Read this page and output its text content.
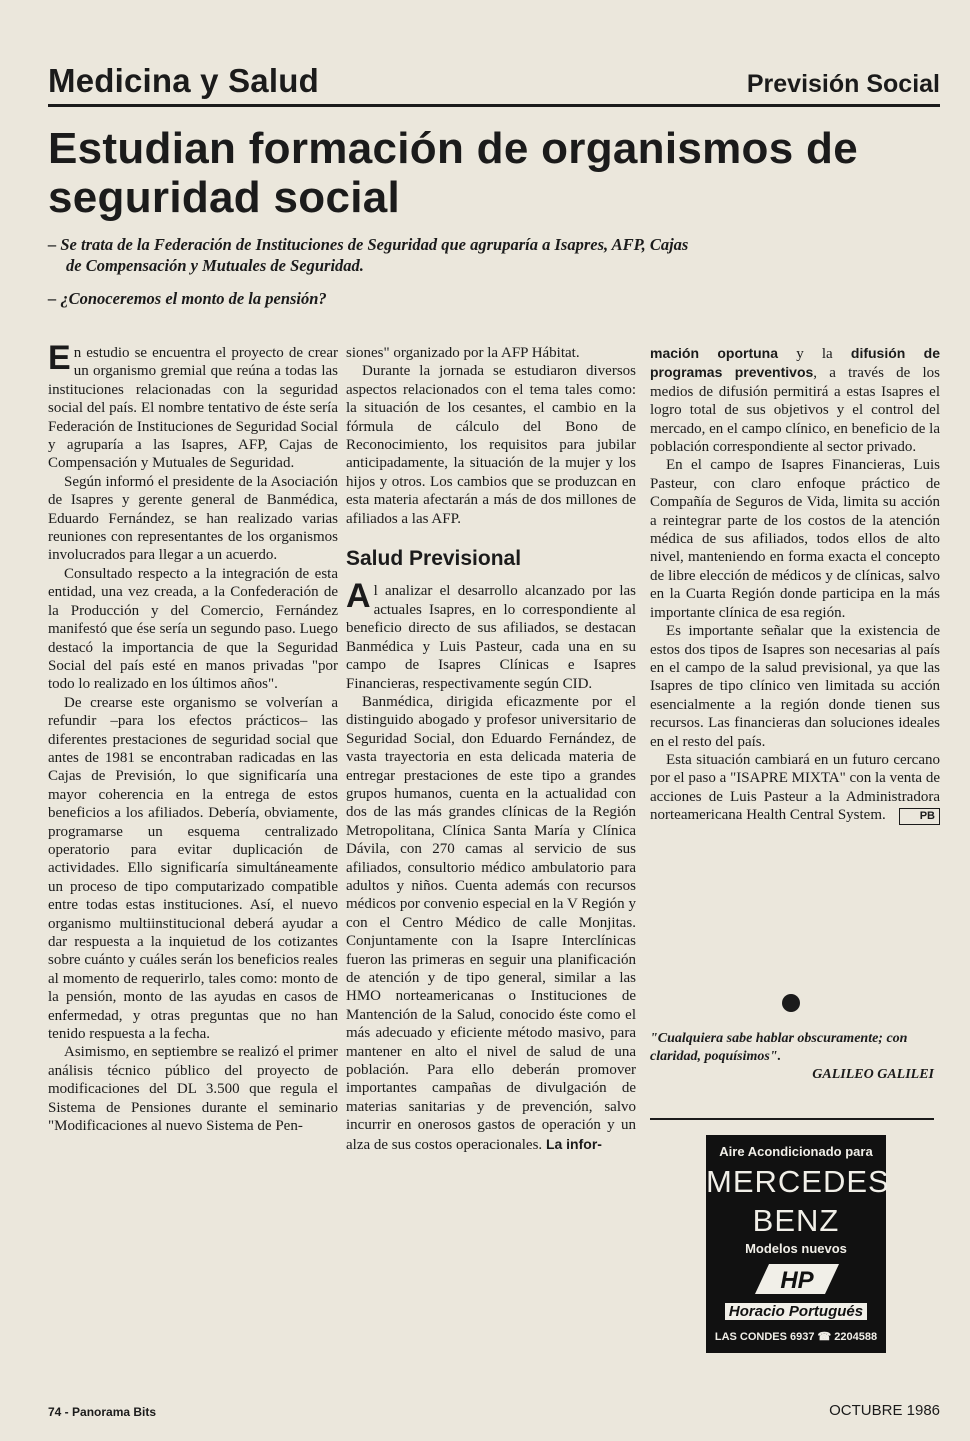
Medicina y Salud	Previsión Social
Estudian formación de organismos de seguridad social

– Se trata de la Federación de Instituciones de Seguridad que agruparía a Isapres, AFP, Cajas de Compensación y Mutuales de Seguridad.

– ¿Conoceremos el monto de la pensión?

En estudio se encuentra el proyecto de crear un organismo gremial que reúna a todas las instituciones relacionadas con la seguridad social del país. El nombre tentativo de éste sería Federación de Instituciones de Seguridad Social y agruparía a las Isapres, AFP, Cajas de Compensación y Mutuales de Seguridad.

Según informó el presidente de la Asociación de Isapres y gerente general de Banmédica, Eduardo Fernández, se han realizado varias reuniones con representantes de los organismos involucrados para llegar a un acuerdo.

Consultado respecto a la integración de esta entidad, una vez creada, a la Confederación de la Producción y del Comercio, Fernández manifestó que ése sería un segundo paso. Luego destacó la importancia de que la Seguridad Social del país esté en manos privadas "por todo lo realizado en los últimos años".

De crearse este organismo se volverían a refundir –para los efectos prácticos– las diferentes prestaciones de seguridad social que antes de 1981 se encontraban radicadas en las Cajas de Previsión, lo que significaría una mayor coherencia en la entrega de estos beneficios a los afiliados. Debería, obviamente, programarse un esquema centralizado operatorio para evitar duplicación de actividades. Ello significaría simultáneamente un proceso de tipo computarizado compatible entre todas estas instituciones. Así, el nuevo organismo multiinstitucional deberá ayudar a dar respuesta a la inquietud de los cotizantes sobre cuánto y cuáles serán los beneficios reales al momento de requerirlo, tales como: monto de la pensión, monto de las ayudas en casos de enfermedad, y otras preguntas que no han tenido respuesta a la fecha.

Asimismo, en septiembre se realizó el primer análisis técnico público del proyecto de modificaciones del DL 3.500 que regula el Sistema de Pensiones durante el seminario "Modificaciones al nuevo Sistema de Pen-

siones" organizado por la AFP Hábitat.

Durante la jornada se estudiaron diversos aspectos relacionados con el tema tales como: la situación de los cesantes, el cambio en la fórmula de cálculo del Bono de Reconocimiento, los requisitos para jubilar anticipadamente, la situación de la mujer y los hijos y otros. Los cambios que se produzcan en esta materia afectarán a más de dos millones de afiliados a las AFP.

Salud Previsional

Al analizar el desarrollo alcanzado por las actuales Isapres, en lo correspondiente al beneficio directo de sus afiliados, se destacan Banmédica y Luis Pasteur, cada una en su campo de Isapres Clínicas e Isapres Financieras, respectivamente según CID.

Banmédica, dirigida eficazmente por el distinguido abogado y profesor universitario de Seguridad Social, don Eduardo Fernández, de vasta trayectoria en esta delicada materia de entregar prestaciones de este tipo a grandes grupos humanos, cuenta en la actualidad con dos de las más grandes clínicas de la Región Metropolitana, Clínica Santa María y Clínica Dávila, con 270 camas al servicio de sus afiliados, consultorio médico ambulatorio para adultos y niños. Cuenta además con recursos médicos por convenio especial en la V Región y con el Centro Médico de calle Monjitas. Conjuntamente con la Isapre Interclínicas fueron las primeras en seguir una planificación de atención y de tipo general, similar a las HMO norteamericanas o Instituciones de Mantención de la Salud, conocido éste como el más adecuado y eficiente método masivo, para mantener en alto el nivel de salud de una población. Para ello deberán promover importantes campañas de divulgación de materias sanitarias y de prevención, salvo incurrir en onerosos gastos de operación y un alza de sus costos operacionales. La infor-

mación oportuna y la difusión de programas preventivos, a través de los medios de difusión permitirá a estas Isapres el logro total de sus objetivos y el control del mercado, en el campo clínico, en beneficio de la población correspondiente al sector privado.

En el campo de Isapres Financieras, Luis Pasteur, con claro enfoque práctico de Compañía de Seguros de Vida, limita su acción a reintegrar parte de los costos de la atención médica de sus afiliados, todos ellos de alto nivel, manteniendo en forma exacta el concepto de libre elección de médicos y de clínicas, salvo en la Cuarta Región donde participa en la más importante clínica de esa región.

Es importante señalar que la existencia de estos dos tipos de Isapres son necesarias al país en el campo de la salud previsional, ya que las Isapres de tipo clínico ven limitada su acción esencialmente a la región donde tienen sus recursos. Las financieras dan soluciones ideales en el resto del país.

Esta situación cambiará en un futuro cercano por el paso a "ISAPRE MIXTA" con la venta de acciones de Luis Pasteur a la Administradora norteamericana Health Central System.	PB

"Cualquiera sabe hablar obscuramente; con claridad, poquísimos".
GALILEO GALILEI
Aire Acondicionado para
MERCEDES
BENZ
Modelos nuevos
HP
Horacio Portugués
LAS CONDES 6937 ☎ 2204588
74 - Panorama Bits	OCTUBRE 1986
